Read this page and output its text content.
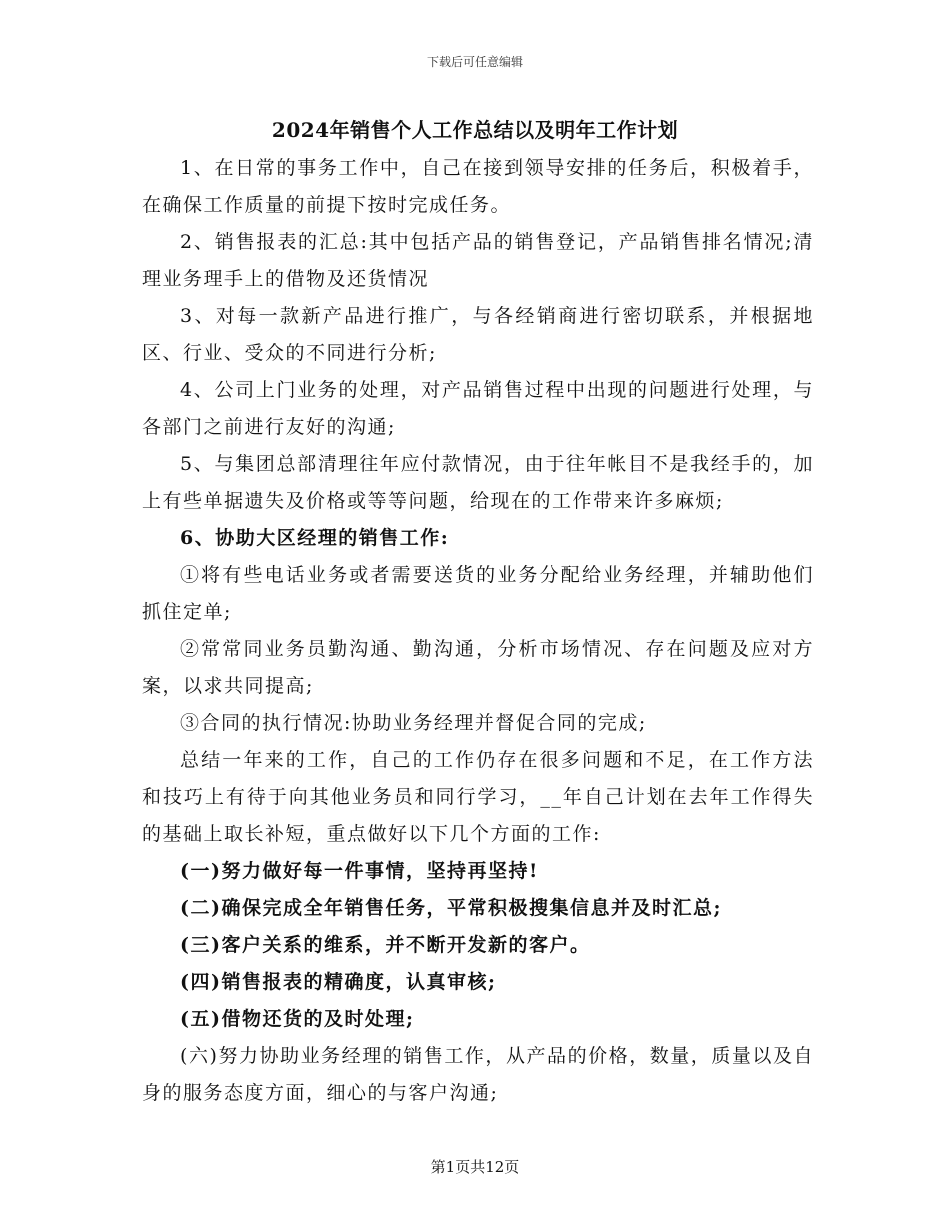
下载后可任意编辑
2024年销售个人工作总结以及明年工作计划

1、在日常的事务工作中，自己在接到领导安排的任务后，积极着手，在确保工作质量的前提下按时完成任务。

2、销售报表的汇总:其中包括产品的销售登记，产品销售排名情况;清理业务理手上的借物及还货情况

3、对每一款新产品进行推广，与各经销商进行密切联系，并根据地区、行业、受众的不同进行分析;

4、公司上门业务的处理，对产品销售过程中出现的问题进行处理，与各部门之前进行友好的沟通;

5、与集团总部清理往年应付款情况，由于往年帐目不是我经手的，加上有些单据遗失及价格或等等问题，给现在的工作带来许多麻烦;

6、协助大区经理的销售工作:

①将有些电话业务或者需要送货的业务分配给业务经理，并辅助他们抓住定单;

②常常同业务员勤沟通、勤沟通，分析市场情况、存在问题及应对方案，以求共同提高;

③合同的执行情况:协助业务经理并督促合同的完成;

总结一年来的工作，自己的工作仍存在很多问题和不足，在工作方法和技巧上有待于向其他业务员和同行学习，__年自己计划在去年工作得失的基础上取长补短，重点做好以下几个方面的工作:

(一)努力做好每一件事情，坚持再坚持!

(二)确保完成全年销售任务，平常积极搜集信息并及时汇总;

(三)客户关系的维系，并不断开发新的客户。

(四)销售报表的精确度，认真审核;

(五)借物还货的及时处理;

(六)努力协助业务经理的销售工作，从产品的价格，数量，质量以及自身的服务态度方面，细心的与客户沟通;

第1页共12页
